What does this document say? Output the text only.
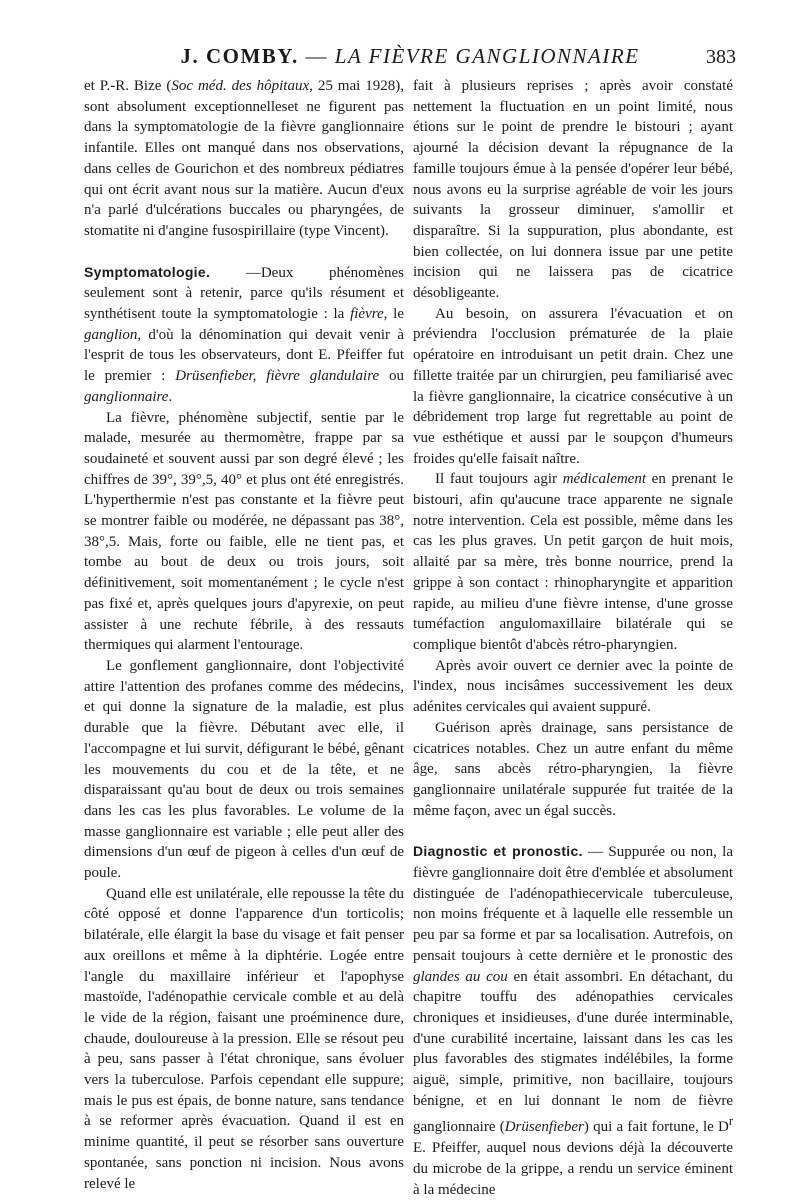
J. COMBY. — LA FIÈVRE GANGLIONNAIRE	383

et P.-R. Bize (Soc méd. des hôpitaux, 25 mai 1928), sont absolument exceptionnelleset ne figurent pas dans la symptomatologie de la fièvre ganglionnaire infantile. Elles ont manqué dans nos observations, dans celles de Gourichon et des nombreux pédiatres qui ont écrit avant nous sur la matière. Aucun d'eux n'a parlé d'ulcérations buccales ou pharyngées, de stomatite ni d'angine fusospirillaire (type Vincent).

Symptomatologie. —Deux phénomènes seulement sont à retenir, parce qu'ils résument et synthétisent toute la symptomatologie : la fièvre, le ganglion, d'où la dénomination qui devait venir à l'esprit de tous les observateurs, dont E. Pfeiffer fut le premier : Drüsenfieber, fièvre glandulaire ou ganglionnaire.

La fièvre, phénomène subjectif, sentie par le malade, mesurée au thermomètre, frappe par sa soudaineté et souvent aussi par son degré élevé ; les chiffres de 39°, 39°,5, 40° et plus ont été enregistrés. L'hyperthermie n'est pas constante et la fièvre peut se montrer faible ou modérée, ne dépassant pas 38°, 38°,5. Mais, forte ou faible, elle ne tient pas, et tombe au bout de deux ou trois jours, soit définitivement, soit momentanément ; le cycle n'est pas fixé et, après quelques jours d'apyrexie, on peut assister à une rechute fébrile, à des ressauts thermiques qui alarment l'entourage.

Le gonflement ganglionnaire, dont l'objectivité attire l'attention des profanes comme des médecins, et qui donne la signature de la maladie, est plus durable que la fièvre. Débutant avec elle, il l'accompagne et lui survit, défigurant le bébé, gênant les mouvements du cou et de la tête, et ne disparaissant qu'au bout de deux ou trois semaines dans les cas les plus favorables. Le volume de la masse ganglionnaire est variable ; elle peut aller des dimensions d'un œuf de pigeon à celles d'un œuf de poule.

Quand elle est unilatérale, elle repousse la tête du côté opposé et donne l'apparence d'un torticolis; bilatérale, elle élargit la base du visage et fait penser aux oreillons et même à la diphtérie. Logée entre l'angle du maxillaire inférieur et l'apophyse mastoïde, l'adénopathie cervicale comble et au delà le vide de la région, faisant une proéminence dure, chaude, douloureuse à la pression. Elle se résout peu à peu, sans passer à l'état chronique, sans évoluer vers la tuberculose. Parfois cependant elle suppure; mais le pus est épais, de bonne nature, sans tendance à se reformer après évacuation. Quand il est en minime quantité, il peut se résorber sans ouverture spontanée, sans ponction ni incision. Nous avons relevé le

fait à plusieurs reprises ; après avoir constaté nettement la fluctuation en un point limité, nous étions sur le point de prendre le bistouri ; ayant ajourné la décision devant la répugnance de la famille toujours émue à la pensée d'opérer leur bébé, nous avons eu la surprise agréable de voir les jours suivants la grosseur diminuer, s'amollir et disparaître. Si la suppuration, plus abondante, est bien collectée, on lui donnera issue par une petite incision qui ne laissera pas de cicatrice désobligeante.

Au besoin, on assurera l'évacuation et on préviendra l'occlusion prématurée de la plaie opératoire en introduisant un petit drain. Chez une fillette traitée par un chirurgien, peu familiarisé avec la fièvre ganglionnaire, la cicatrice consécutive à un débridement trop large fut regrettable au point de vue esthétique et aussi par le soupçon d'humeurs froides qu'elle faisait naître.

Il faut toujours agir médicalement en prenant le bistouri, afin qu'aucune trace apparente ne signale notre intervention. Cela est possible, même dans les cas les plus graves. Un petit garçon de huit mois, allaité par sa mère, très bonne nourrice, prend la grippe à son contact : rhinopharyngite et apparition rapide, au milieu d'une fièvre intense, d'une grosse tuméfaction angulomaxillaire bilatérale qui se complique bientôt d'abcès rétro-pharyngien.

Après avoir ouvert ce dernier avec la pointe de l'index, nous incisâmes successivement les deux adénites cervicales qui avaient suppuré.

Guérison après drainage, sans persistance de cicatrices notables. Chez un autre enfant du même âge, sans abcès rétro-pharyngien, la fièvre ganglionnaire unilatérale suppurée fut traitée de la même façon, avec un égal succès.

Diagnostic et pronostic. — Suppurée ou non, la fièvre ganglionnaire doit être d'emblée et absolument distinguée de l'adénopathiecervicale tuberculeuse, non moins fréquente et à laquelle elle ressemble un peu par sa forme et par sa localisation. Autrefois, on pensait toujours à cette dernière et le pronostic des glandes au cou en était assombri. En détachant, du chapitre touffu des adénopathies cervicales chroniques et insidieuses, d'une durée interminable, d'une curabilité incertaine, laissant dans les cas les plus favorables des stigmates indélébiles, la forme aiguë, simple, primitive, non bacillaire, toujours bénigne, et en lui donnant le nom de fièvre ganglionnaire (Drüsenfieber) qui a fait fortune, le $D^r$ E. Pfeiffer, auquel nous devions déjà la découverte du microbe de la grippe, a rendu un service éminent à la médecine
